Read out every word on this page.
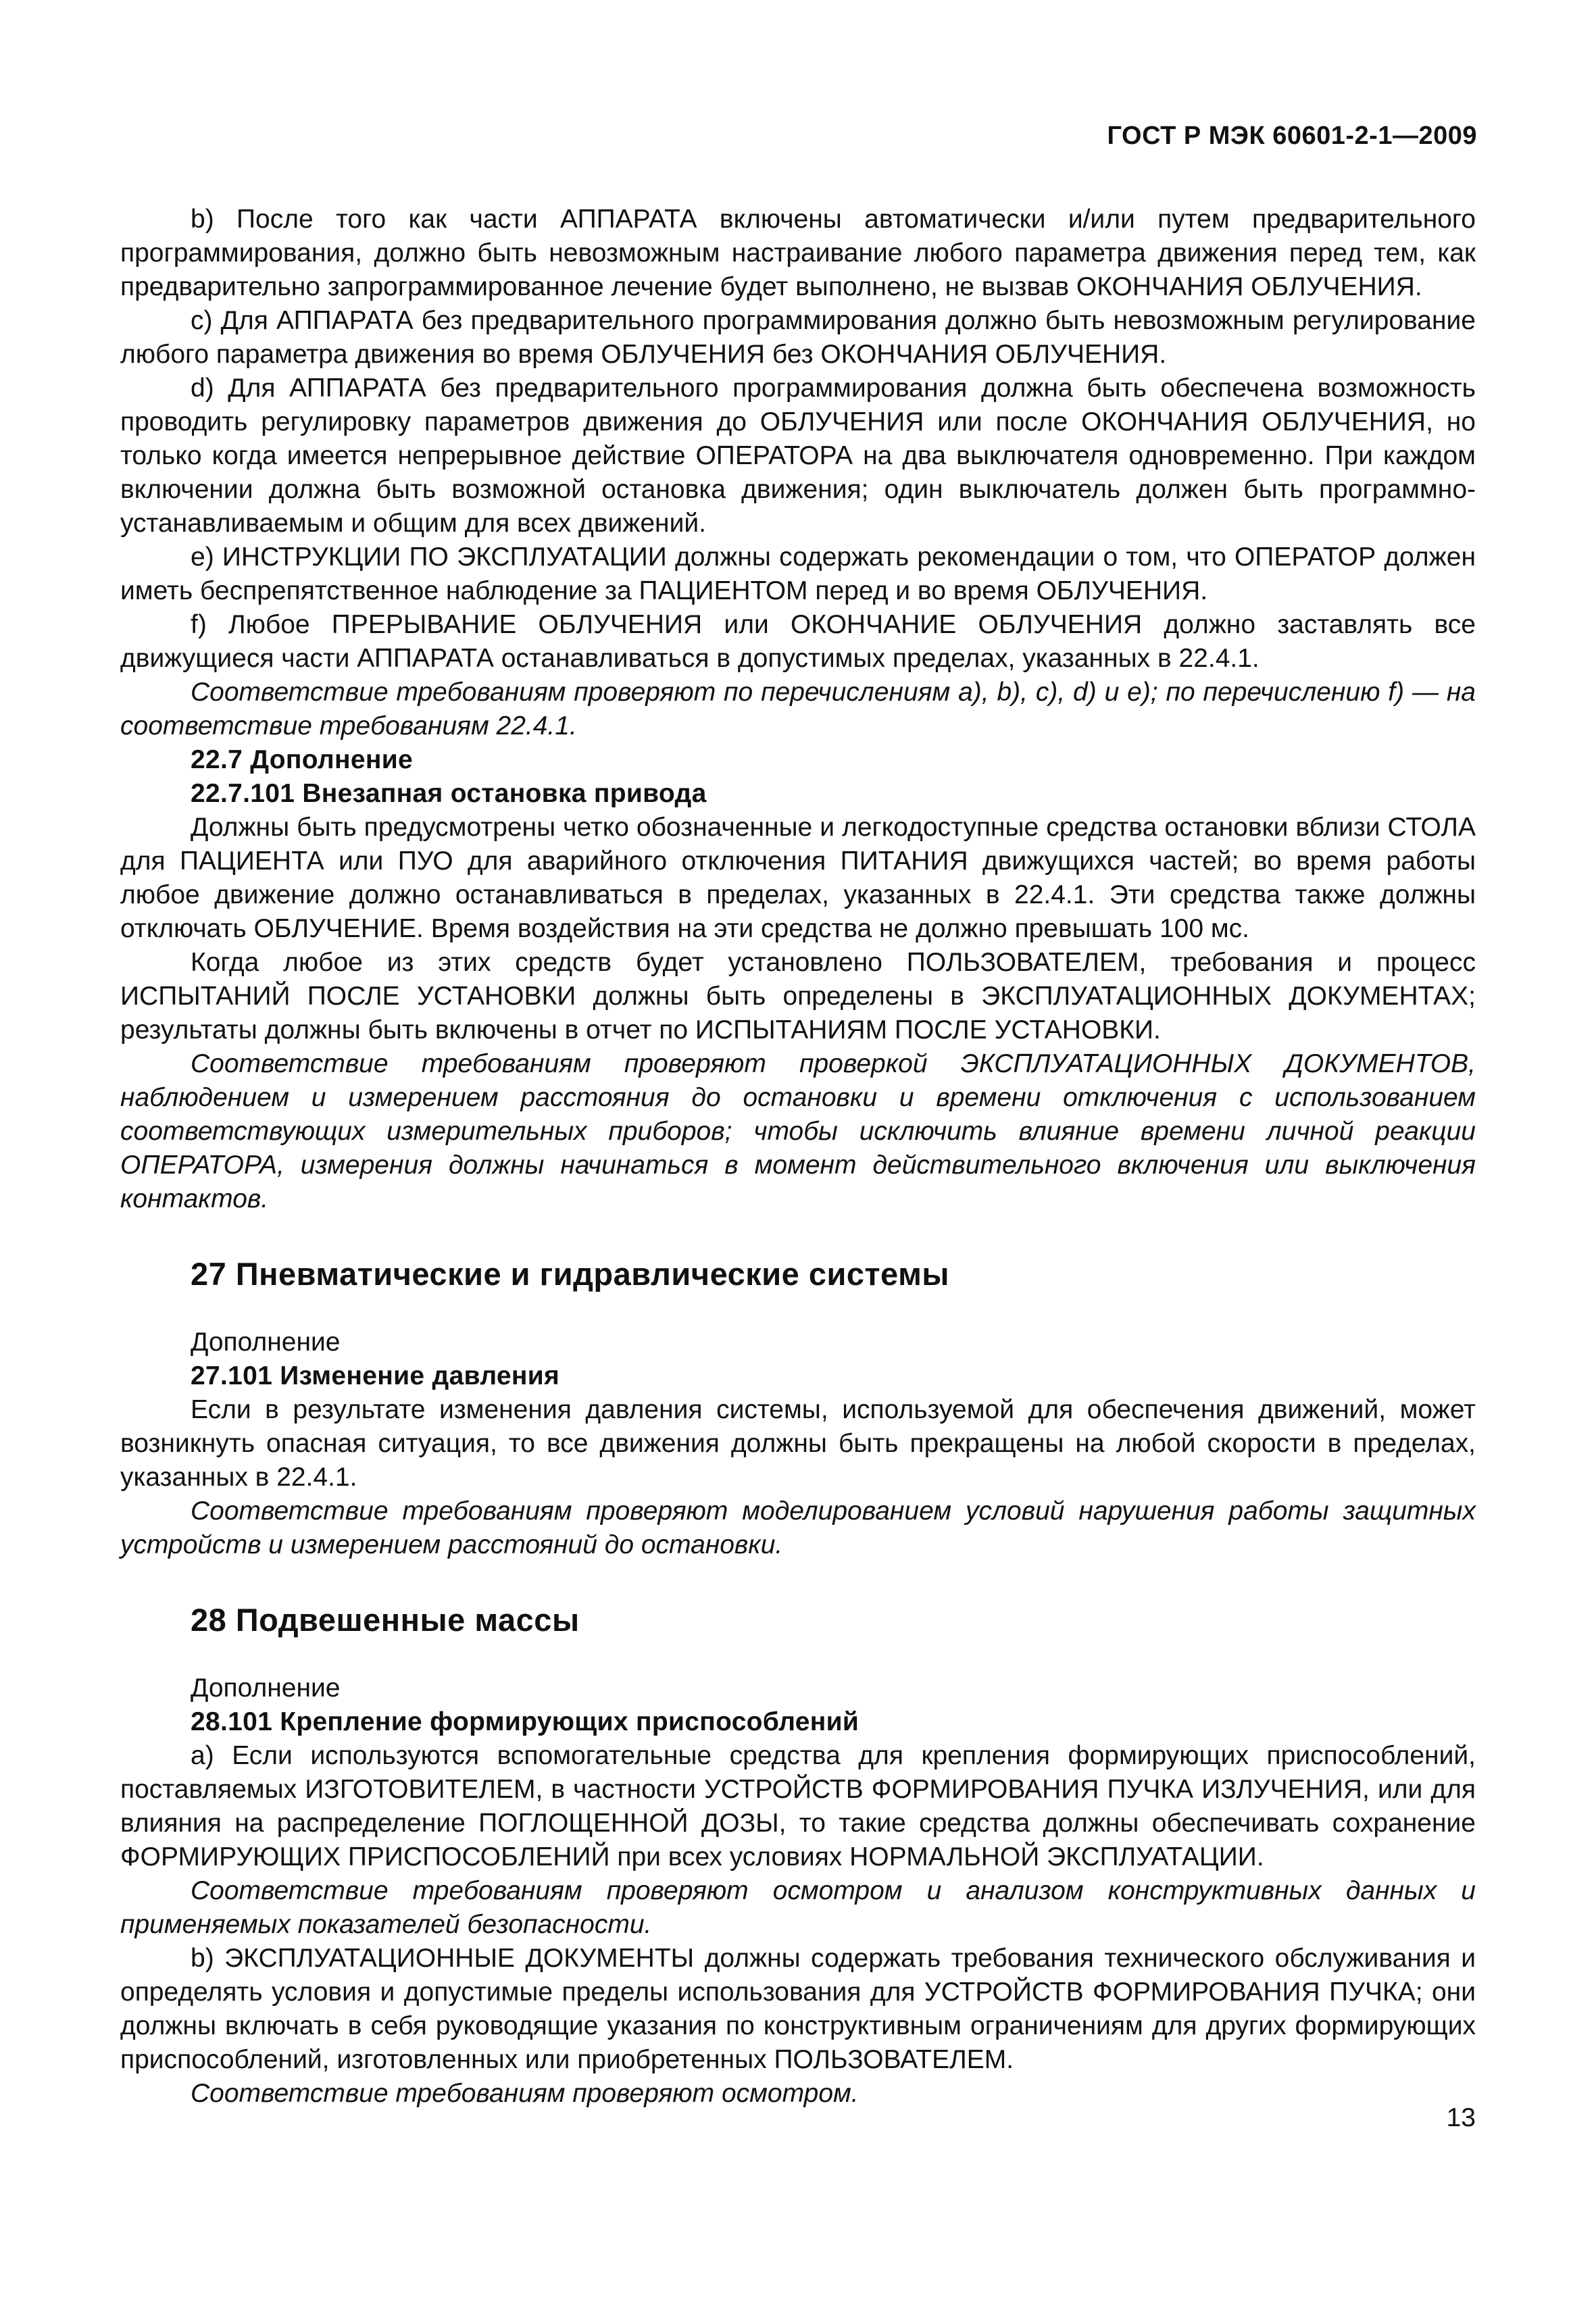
ГОСТ Р МЭК 60601-2-1—2009

b) После того как части АППАРАТА включены автоматически и/или путем предварительного программирования, должно быть невозможным настраивание любого параметра движения перед тем, как предварительно запрограммированное лечение будет выполнено, не вызвав ОКОНЧАНИЯ ОБЛУЧЕНИЯ.

c) Для АППАРАТА без предварительного программирования должно быть невозможным регулирование любого параметра движения во время ОБЛУЧЕНИЯ без ОКОНЧАНИЯ ОБЛУЧЕНИЯ.

d) Для АППАРАТА без предварительного программирования должна быть обеспечена возможность проводить регулировку параметров движения до ОБЛУЧЕНИЯ или после ОКОНЧАНИЯ ОБЛУЧЕНИЯ, но только когда имеется непрерывное действие ОПЕРАТОРА на два выключателя одновременно. При каждом включении должна быть возможной остановка движения; один выключатель должен быть программно-устанавливаемым и общим для всех движений.

e) ИНСТРУКЦИИ ПО ЭКСПЛУАТАЦИИ должны содержать рекомендации о том, что ОПЕРАТОР должен иметь беспрепятственное наблюдение за ПАЦИЕНТОМ перед и во время ОБЛУЧЕНИЯ.

f) Любое ПРЕРЫВАНИЕ ОБЛУЧЕНИЯ или ОКОНЧАНИЕ ОБЛУЧЕНИЯ должно заставлять все движущиеся части АППАРАТА останавливаться в допустимых пределах, указанных в 22.4.1.

Соответствие требованиям проверяют по перечислениям a), b), c), d) и e); по перечислению f) — на соответствие требованиям 22.4.1.

22.7 Дополнение

22.7.101 Внезапная остановка привода

Должны быть предусмотрены четко обозначенные и легкодоступные средства остановки вблизи СТОЛА для ПАЦИЕНТА или ПУО для аварийного отключения ПИТАНИЯ движущихся частей; во время работы любое движение должно останавливаться в пределах, указанных в 22.4.1. Эти средства также должны отключать ОБЛУЧЕНИЕ. Время воздействия на эти средства не должно превышать 100 мс.

Когда любое из этих средств будет установлено ПОЛЬЗОВАТЕЛЕМ, требования и процесс ИСПЫТАНИЙ ПОСЛЕ УСТАНОВКИ должны быть определены в ЭКСПЛУАТАЦИОННЫХ ДОКУМЕНТАХ; результаты должны быть включены в отчет по ИСПЫТАНИЯМ ПОСЛЕ УСТАНОВКИ.

Соответствие требованиям проверяют проверкой ЭКСПЛУАТАЦИОННЫХ ДОКУМЕНТОВ, наблюдением и измерением расстояния до остановки и времени отключения с использованием соответствующих измерительных приборов; чтобы исключить влияние времени личной реакции ОПЕРАТОРА, измерения должны начинаться в момент действительного включения или выключения контактов.

27 Пневматические и гидравлические системы

Дополнение

27.101 Изменение давления

Если в результате изменения давления системы, используемой для обеспечения движений, может возникнуть опасная ситуация, то все движения должны быть прекращены на любой скорости в пределах, указанных в 22.4.1.

Соответствие требованиям проверяют моделированием условий нарушения работы защитных устройств и измерением расстояний до остановки.

28 Подвешенные массы

Дополнение

28.101 Крепление формирующих приспособлений

a) Если используются вспомогательные средства для крепления формирующих приспособлений, поставляемых ИЗГОТОВИТЕЛЕМ, в частности УСТРОЙСТВ ФОРМИРОВАНИЯ ПУЧКА ИЗЛУЧЕНИЯ, или для влияния на распределение ПОГЛОЩЕННОЙ ДОЗЫ, то такие средства должны обеспечивать сохранение ФОРМИРУЮЩИХ ПРИСПОСОБЛЕНИЙ при всех условиях НОРМАЛЬНОЙ ЭКСПЛУАТАЦИИ.

Соответствие требованиям проверяют осмотром и анализом конструктивных данных и применяемых показателей безопасности.

b) ЭКСПЛУАТАЦИОННЫЕ ДОКУМЕНТЫ должны содержать требования технического обслуживания и определять условия и допустимые пределы использования для УСТРОЙСТВ ФОРМИРОВАНИЯ ПУЧКА; они должны включать в себя руководящие указания по конструктивным ограничениям для других формирующих приспособлений, изготовленных или приобретенных ПОЛЬЗОВАТЕЛЕМ.

Соответствие требованиям проверяют осмотром.

13
